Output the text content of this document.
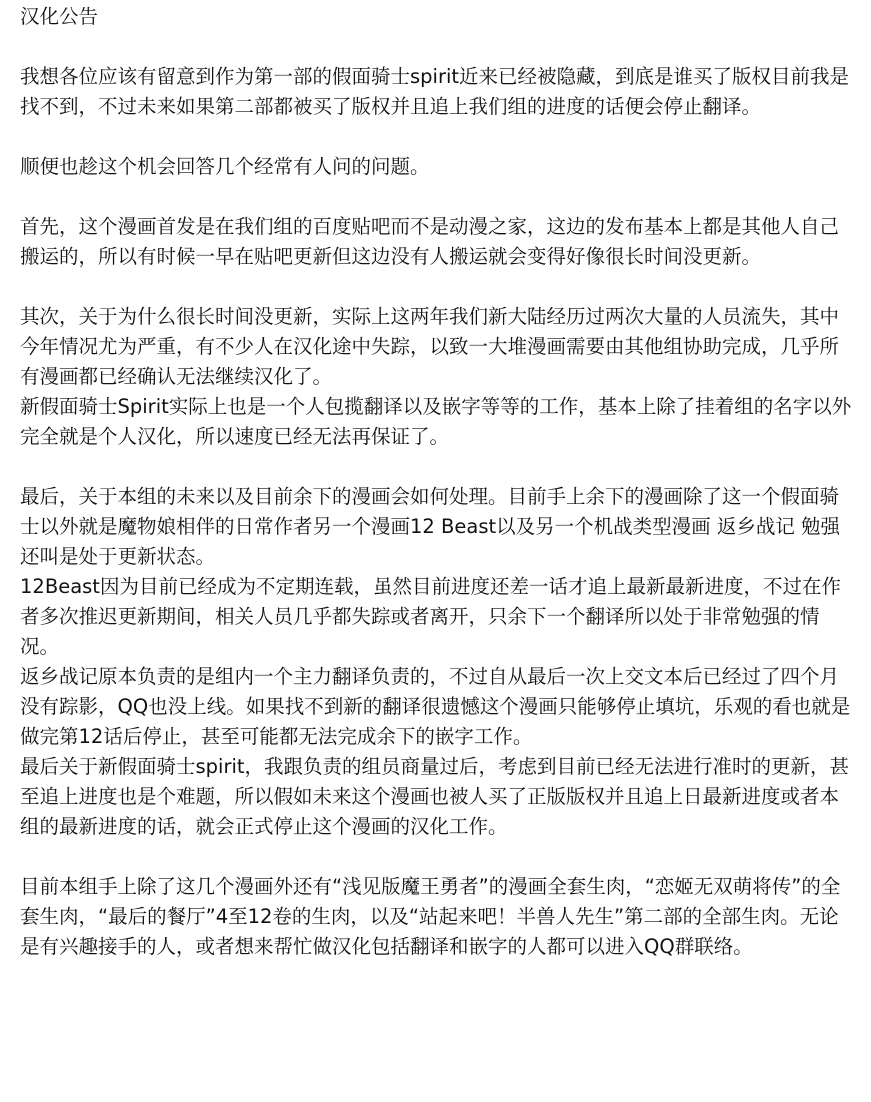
汉化公告

我想各位应该有留意到作为第一部的假面骑士spirit近来已经被隐藏，到底是谁买了版权目前我是找不到，不过未来如果第二部都被买了版权并且追上我们组的进度的话便会停止翻译。

顺便也趁这个机会回答几个经常有人问的问题。

首先，这个漫画首发是在我们组的百度贴吧而不是动漫之家，这边的发布基本上都是其他人自己搬运的，所以有时候一早在贴吧更新但这边没有人搬运就会变得好像很长时间没更新。

其次，关于为什么很长时间没更新，实际上这两年我们新大陆经历过两次大量的人员流失，其中今年情况尤为严重，有不少人在汉化途中失踪，以致一大堆漫画需要由其他组协助完成，几乎所有漫画都已经确认无法继续汉化了。

新假面骑士Spirit实际上也是一个人包揽翻译以及嵌字等等的工作，基本上除了挂着组的名字以外完全就是个人汉化，所以速度已经无法再保证了。

最后，关于本组的未来以及目前余下的漫画会如何处理。目前手上余下的漫画除了这一个假面骑士以外就是魔物娘相伴的日常作者另一个漫画12 Beast以及另一个机战类型漫画 返乡战记 勉强还叫是处于更新状态。

12Beast因为目前已经成为不定期连载，虽然目前进度还差一话才追上最新最新进度，不过在作者多次推迟更新期间，相关人员几乎都失踪或者离开，只余下一个翻译所以处于非常勉强的情况。

返乡战记原本负责的是组内一个主力翻译负责的，不过自从最后一次上交文本后已经过了四个月没有踪影，QQ也没上线。如果找不到新的翻译很遗憾这个漫画只能够停止填坑，乐观的看也就是做完第12话后停止，甚至可能都无法完成余下的嵌字工作。

最后关于新假面骑士spirit，我跟负责的组员商量过后，考虑到目前已经无法进行准时的更新，甚至追上进度也是个难题，所以假如未来这个漫画也被人买了正版版权并且追上日最新进度或者本组的最新进度的话，就会正式停止这个漫画的汉化工作。

目前本组手上除了这几个漫画外还有“浅见版魔王勇者”的漫画全套生肉，“恋姬无双萌将传”的全套生肉，“最后的餐厅”4至12卷的生肉，以及“站起来吧！半兽人先生”第二部的全部生肉。无论是有兴趣接手的人，或者想来帮忙做汉化包括翻译和嵌字的人都可以进入QQ群联络。
